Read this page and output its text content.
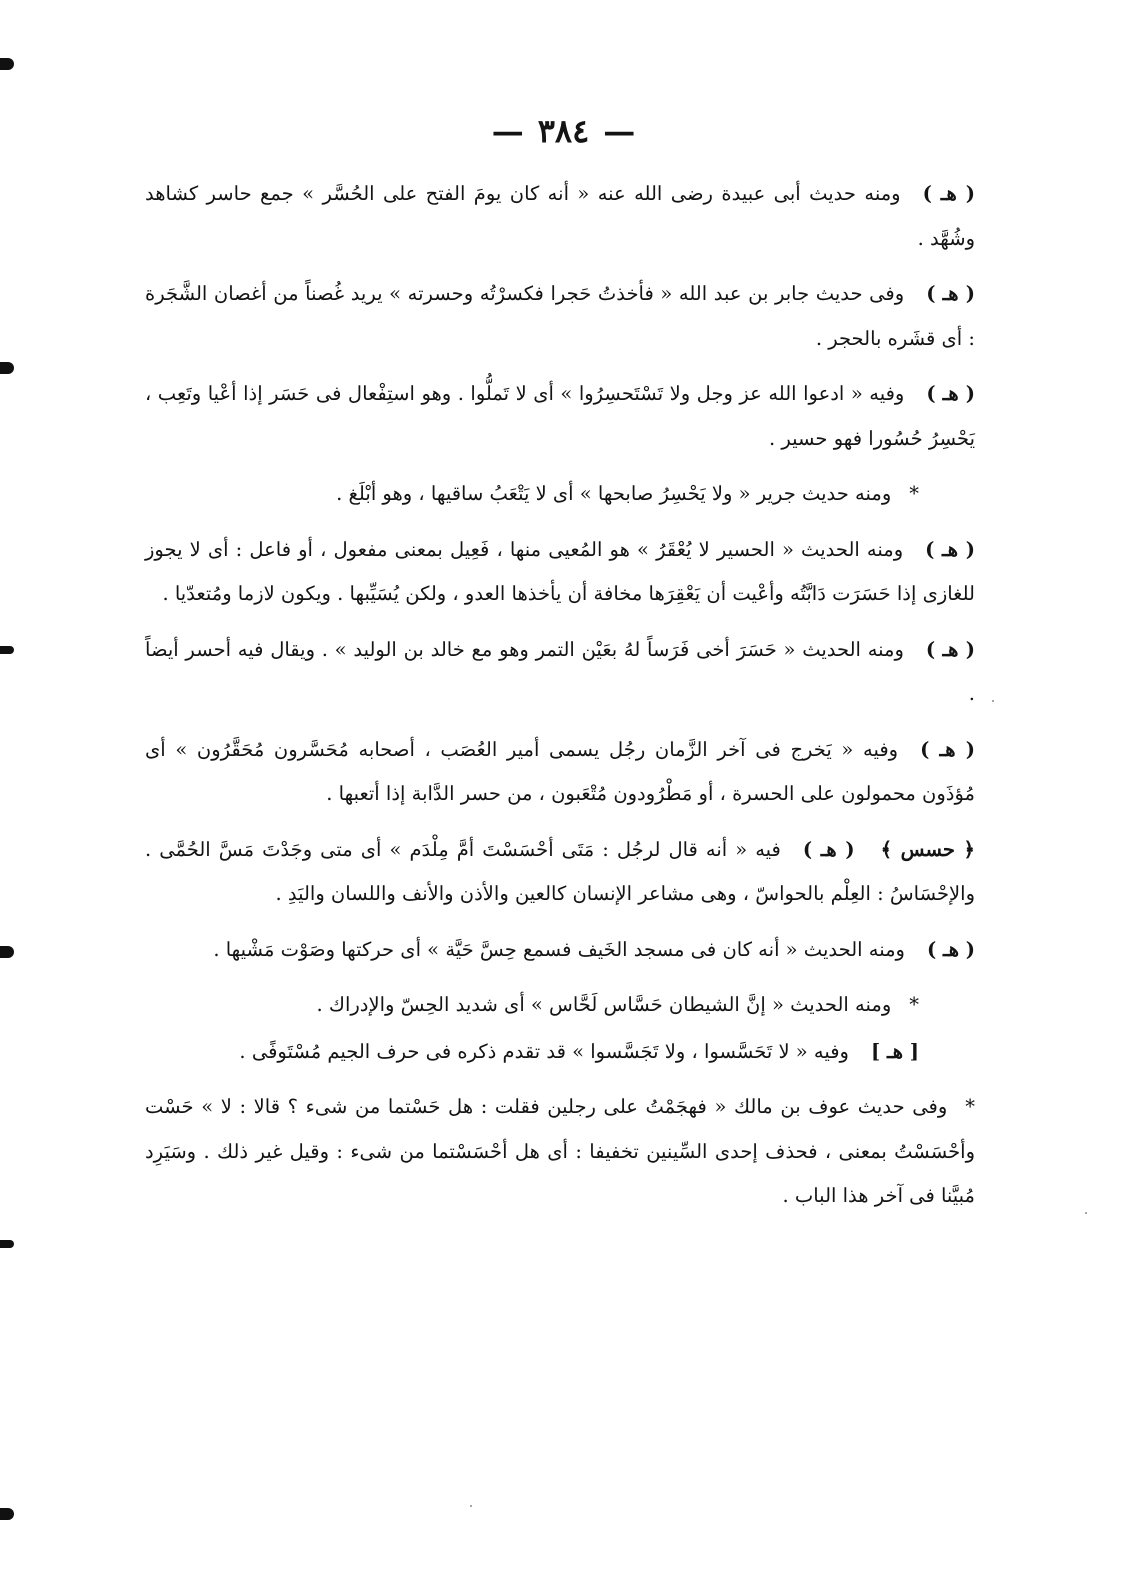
— ٣٨٤ —

( هـ )ومنه حديث أبى عبيدة رضى الله عنه « أنه كان يومَ الفتح على الحُسَّر » جمع حاسر كشاهد وشُهَّد .

( هـ )وفى حديث جابر بن عبد الله « فأخذتُ حَجرا فكسرْتُه وحسرته » يريد غُصناً من أغصان الشَّجَرة : أى قشَره بالحجر .

( هـ )وفيه « ادعوا الله عز وجل ولا تَسْتَحسِرُوا » أى لا تَملُّوا . وهو استِفْعال فى حَسَر إذا أعْيا وتَعِب ، يَحْسِرُ حُسُورا فهو حسير .

*ومنه حديث جرير « ولا يَحْسِرُ صابحها » أى لا يَتْعَبُ ساقيها ، وهو أبْلَغ .

( هـ )ومنه الحديث « الحسير لا يُعْقَرُ » هو المُعيى منها ، فَعِيل بمعنى مفعول ، أو فاعل : أى لا يجوز للغازى إذا حَسَرَت دَابَّتُه وأعْيت أن يَعْقِرَها مخافة أن يأخذها العدو ، ولكن يُسَيِّبها . ويكون لازما ومُتعدّيا .

( هـ )ومنه الحديث « حَسَرَ أخى فَرَساً لهُ بعَيْن التمر وهو مع خالد بن الوليد » . ويقال فيه أحسر أيضاً .

( هـ )وفيه « يَخرج فى آخر الزَّمان رجُل يسمى أمير العُصَب ، أصحابه مُحَسَّرون مُحَقَّرُون » أى مُؤذَون محمولون على الحسرة ، أو مَطْرُودون مُتْعَبون ، من حسر الدَّابة إذا أتعبها .

﴿ حسس ﴾( هـ )فيه « أنه قال لرجُل : مَتَى أحْسَسْتَ أمَّ مِلْدَم » أى متى وجَدْتَ مَسَّ الحُمَّى . والإحْسَاسُ : العِلْم بالحواسّ ، وهى مشاعر الإنسان كالعين والأذن والأنف واللسان واليَدِ .

( هـ )ومنه الحديث « أنه كان فى مسجد الخَيف فسمع حِسَّ حَيَّة » أى حركتها وصَوْت مَشْيها .

*ومنه الحديث « إنَّ الشيطان حَسَّاس لَحَّاس » أى شديد الحِسّ والإدراك .

[ هـ ]وفيه « لا تَحَسَّسوا ، ولا تَجَسَّسوا » قد تقدم ذكره فى حرف الجيم مُسْتَوفًى .

*وفى حديث عوف بن مالك « فهجَمْتُ على رجلين فقلت : هل حَسْتما من شىء ؟ قالا : لا » حَسْت وأحْسَسْتُ بمعنى ، فحذف إحدى السِّينين تخفيفا : أى هل أحْسَسْتما من شىء : وقيل غير ذلك . وسَيَرِد مُبيَّنا فى آخر هذا الباب .
